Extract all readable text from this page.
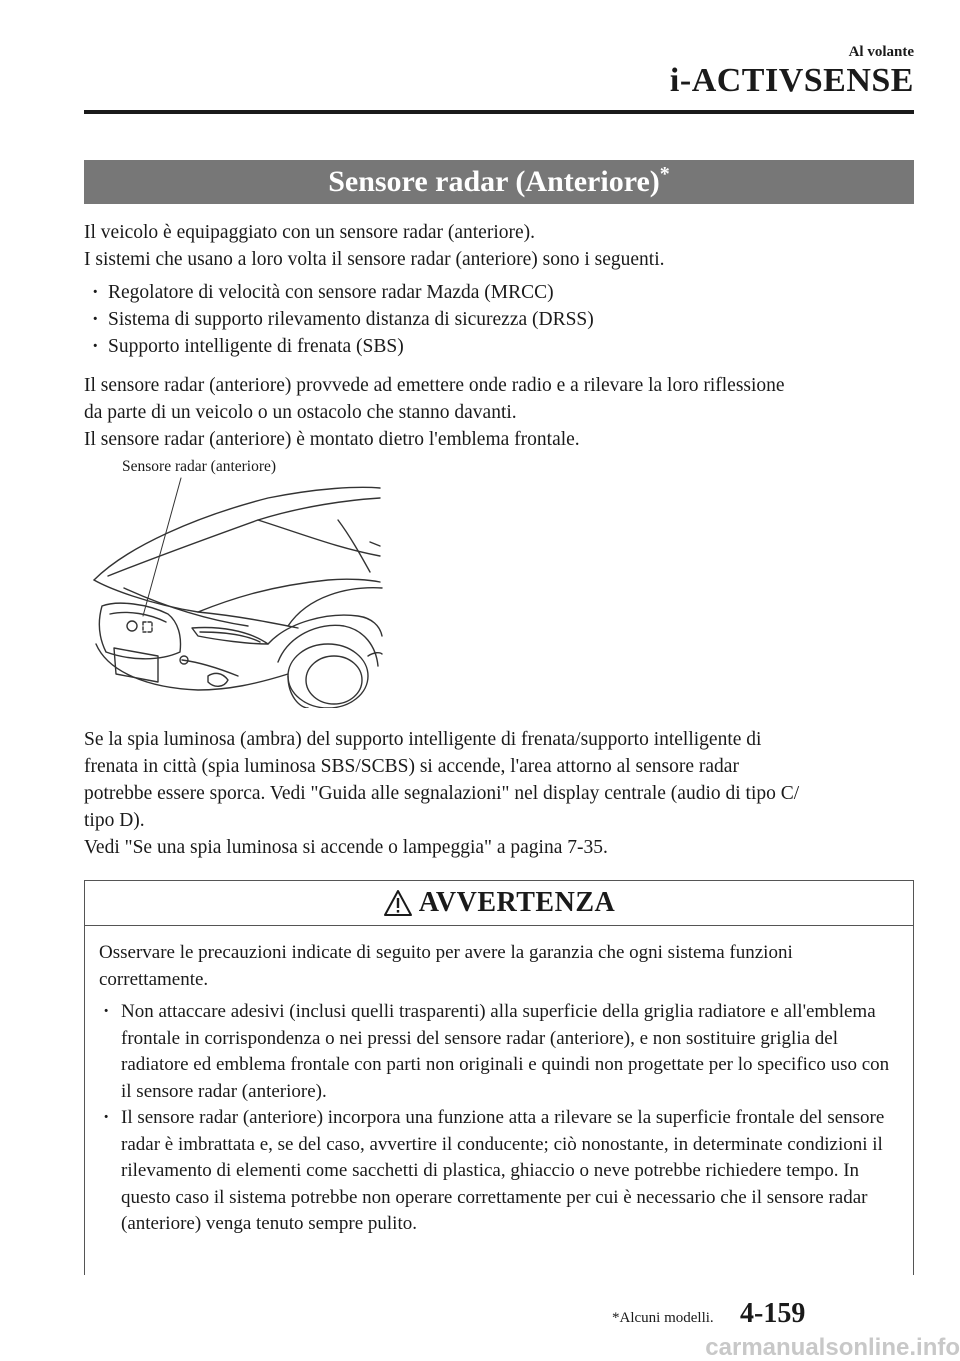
Al volante
i-ACTIVSENSE
Sensore radar (Anteriore)*
Il veicolo è equipaggiato con un sensore radar (anteriore).
I sistemi che usano a loro volta il sensore radar (anteriore) sono i seguenti.
· Regolatore di velocità con sensore radar Mazda (MRCC)
· Sistema di supporto rilevamento distanza di sicurezza (DRSS)
· Supporto intelligente di frenata (SBS)
Il sensore radar (anteriore) provvede ad emettere onde radio e a rilevare la loro riflessione
da parte di un veicolo o un ostacolo che stanno davanti.
Il sensore radar (anteriore) è montato dietro l'emblema frontale.
Sensore radar (anteriore)
Se la spia luminosa (ambra) del supporto intelligente di frenata/supporto intelligente di
frenata in città (spia luminosa SBS/SCBS) si accende, l'area attorno al sensore radar
potrebbe essere sporca. Vedi "Guida alle segnalazioni" nel display centrale (audio di tipo C/
tipo D).
Vedi "Se una spia luminosa si accende o lampeggia" a pagina 7-35.
AVVERTENZA
Osservare le precauzioni indicate di seguito per avere la garanzia che ogni sistema funzioni correttamente.
· Non attaccare adesivi (inclusi quelli trasparenti) alla superficie della griglia radiatore e all'emblema frontale in corrispondenza o nei pressi del sensore radar (anteriore), e non sostituire griglia del radiatore ed emblema frontale con parti non originali e quindi non progettate per lo specifico uso con il sensore radar (anteriore).
· Il sensore radar (anteriore) incorpora una funzione atta a rilevare se la superficie frontale del sensore radar è imbrattata e, se del caso, avvertire il conducente; ciò nonostante, in determinate condizioni il rilevamento di elementi come sacchetti di plastica, ghiaccio o neve potrebbe richiedere tempo. In questo caso il sistema potrebbe non operare correttamente per cui è necessario che il sensore radar (anteriore) venga tenuto sempre pulito.
*Alcuni modelli. 4-159
carmanualsonline.info
